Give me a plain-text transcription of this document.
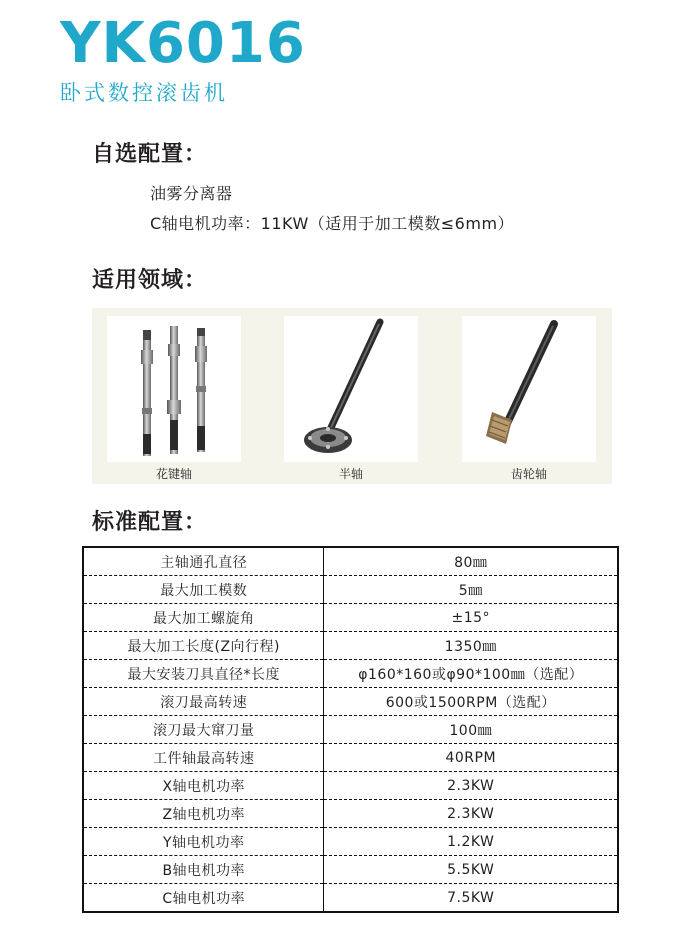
YK6016
卧式数控滚齿机
自选配置：
油雾分离器
C轴电机功率：11KW（适用于加工模数≤6mm）
适用领域：
花键轴	半轴	齿轮轴
标准配置：
主轴通孔直径	80㎜
最大加工模数	5㎜
最大加工螺旋角	±15°
最大加工长度(Z向行程)	1350㎜
最大安装刀具直径*长度	φ160*160或φ90*100㎜（选配）
滚刀最高转速	600或1500RPM（选配）
滚刀最大窜刀量	100㎜
工件轴最高转速	40RPM
X轴电机功率	2.3KW
Z轴电机功率	2.3KW
Y轴电机功率	1.2KW
B轴电机功率	5.5KW
C轴电机功率	7.5KW
